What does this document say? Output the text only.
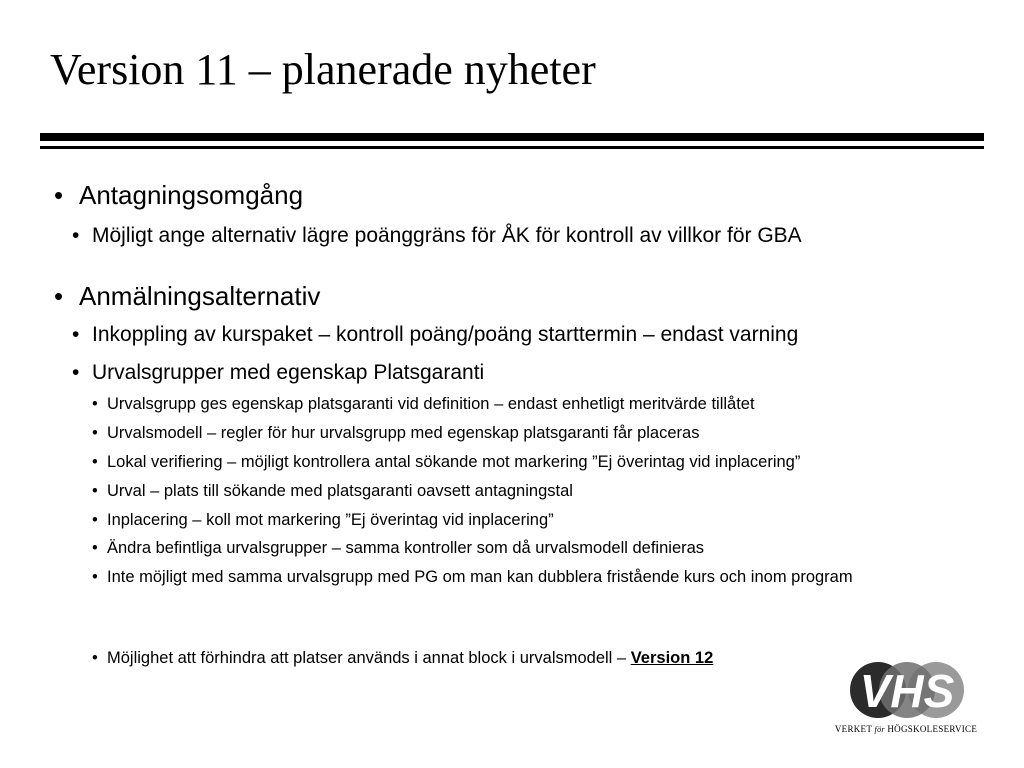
Version 11 – planerade nyheter
• Antagningsomgång
• Möjligt ange alternativ lägre poänggräns för ÅK för kontroll av villkor för GBA
• Anmälningsalternativ
• Inkoppling av kurspaket – kontroll poäng/poäng starttermin – endast varning
• Urvalsgrupper med egenskap Platsgaranti
• Urvalsgrupp ges egenskap platsgaranti vid definition – endast enhetligt meritvärde tillåtet
• Urvalsmodell – regler för hur urvalsgrupp med egenskap platsgaranti får placeras
• Lokal verifiering – möjligt kontrollera antal sökande mot markering ”Ej överintag vid inplacering”
• Urval – plats till sökande med platsgaranti oavsett antagningstal
• Inplacering – koll mot markering ”Ej överintag vid inplacering”
• Ändra befintliga urvalsgrupper – samma kontroller som då urvalsmodell definieras
• Inte möjligt med samma urvalsgrupp med PG om man kan dubblera fristående kurs och inom program
• Möjlighet att förhindra att platser används i annat block i urvalsmodell – Version 12
VHS
VERKET för HÖGSKOLESERVICE
